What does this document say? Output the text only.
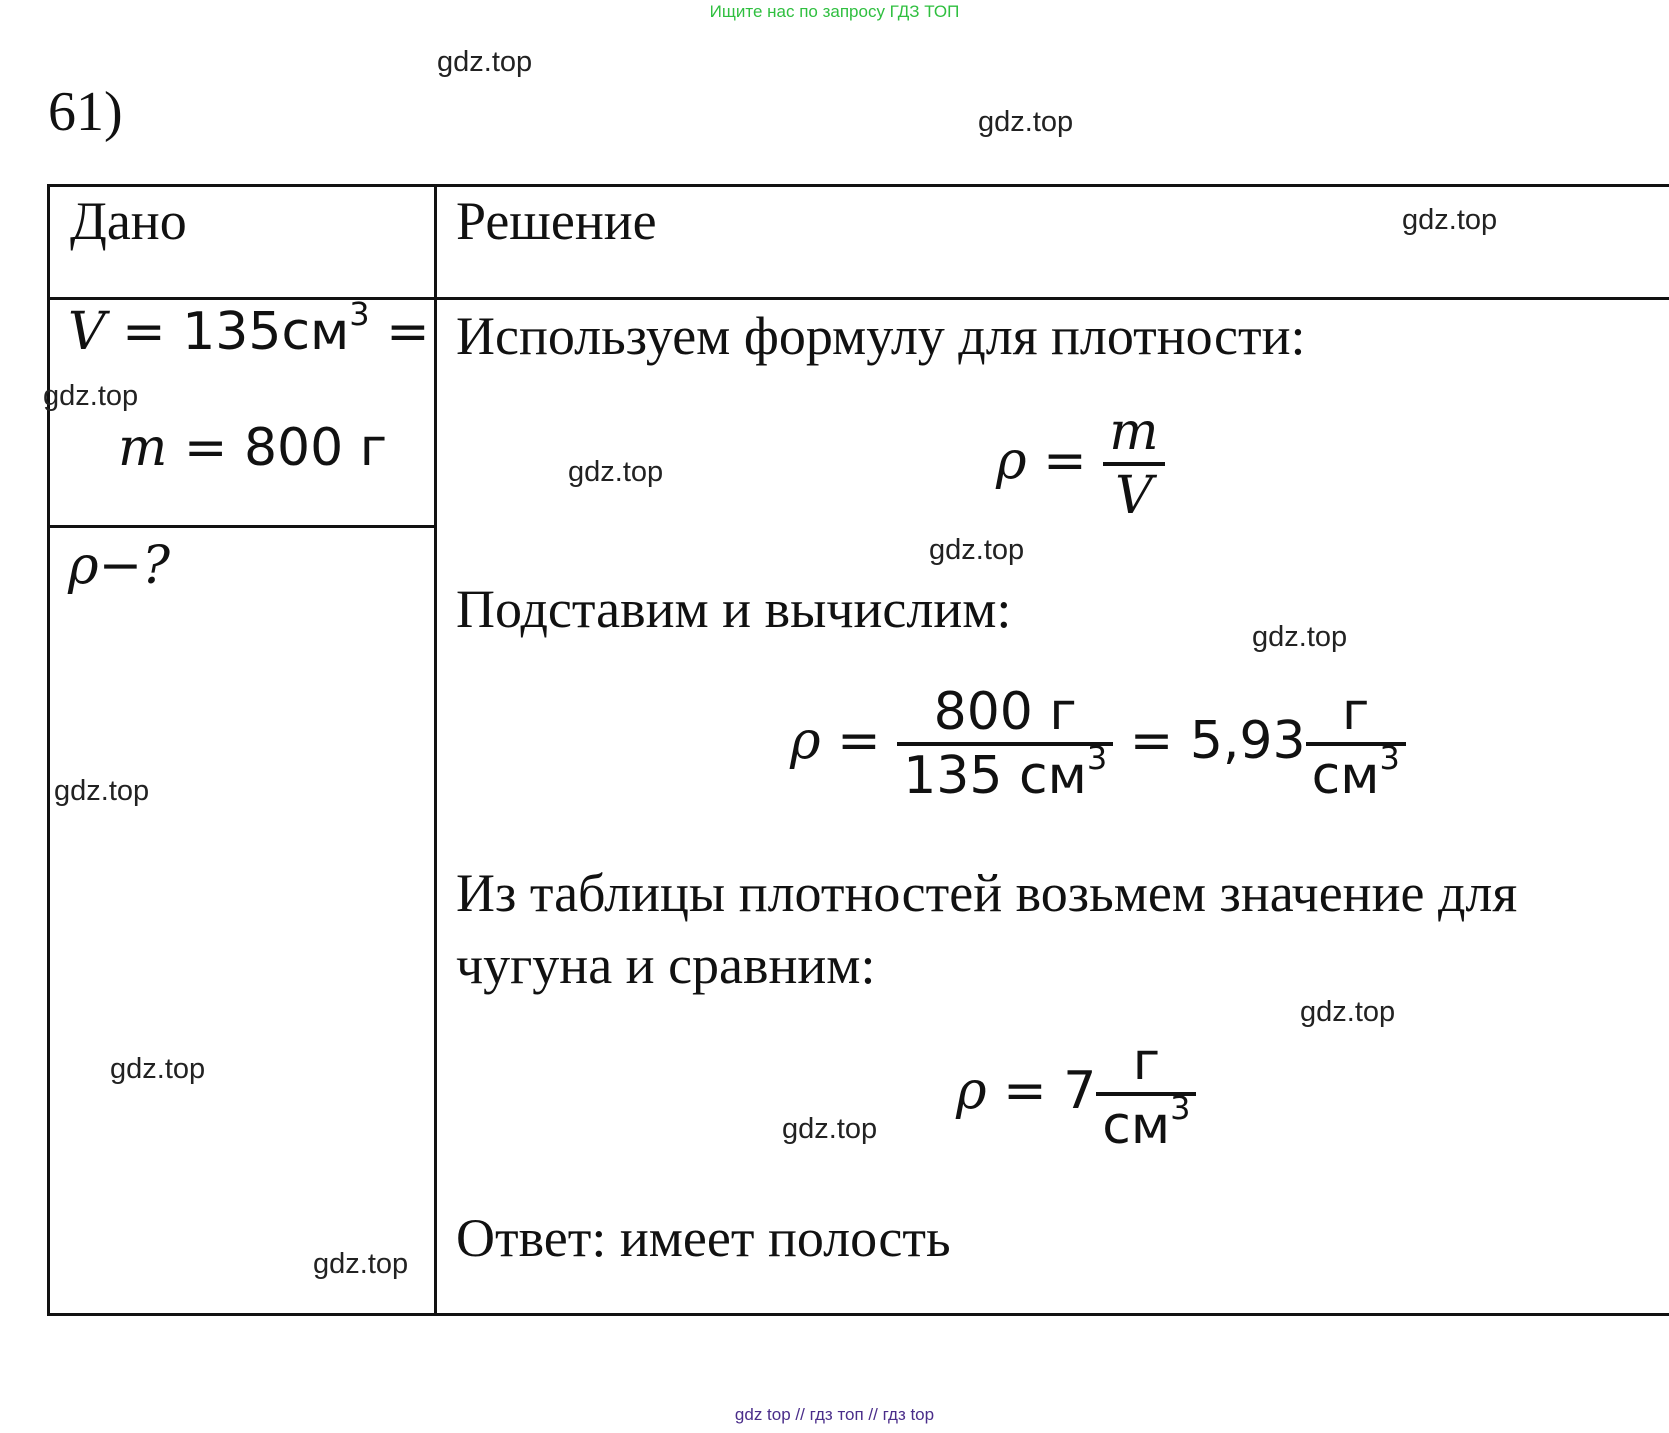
Ищите нас по запросу ГДЗ ТОП
61)
Дано	Решение
$V = 135см^3$ =
m = 800 г
ρ−?
Используем формулу для плотности:
$\rho = \frac{m}{V}$
Подставим и вычислим:
$\rho = \frac{800 г}{135 см^3} = 5,93 \frac{г}{см^3}$
Из таблицы плотностей возьмем значение для
чугуна и сравним:
$\rho = 7 \frac{г}{см^3}$
Ответ: имеет полость
gdz.top
gdz.top
gdz.top
gdz.top
gdz.top
gdz.top
gdz.top
gdz.top
gdz.top
gdz.top
gdz.top
gdz.top
gdz top // гдз топ // гдз top
